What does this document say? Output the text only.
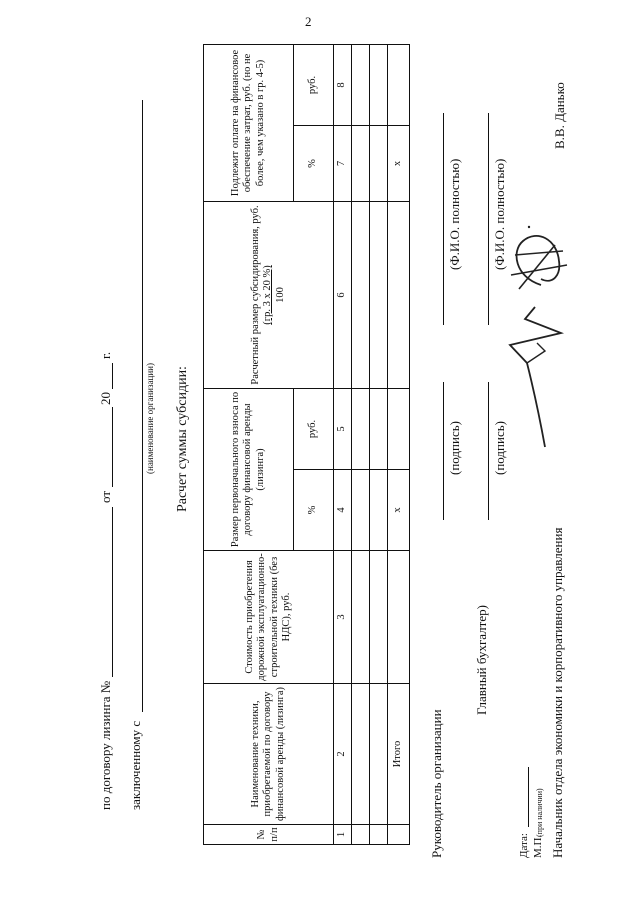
2
по договору лизинга №
от
20
г.
заключенному с
(наименование организации) Расчет суммы субсидии:
№ п/п	Наименование техники, приобретаемой по договору финансовой аренды (лизинга)	Стоимость приобретения дорожной эксплуатационно-строительной техники (без НДС), руб.	Размер первоначального взноса по договору финансовой аренды (лизинга)		Расчетный размер субсидирования, руб. (гр. 3 х 20 %) 100	Подлежит оплате на финансовое обеспечение затрат, руб. (но не более, чем указано в гр. 4-5)	
			%	руб.		%	руб.
1	2	3	4	5	6	7	8

	Итого		х			х	
Руководитель организации
(подпись)
(Ф.И.О. полностью)
Главный бухгалтер)
(подпись)
(Ф.И.О. полностью)
Дата: М.П.
(при наличии) Начальник отдела экономики и корпоративного управления
В.В. Данько
